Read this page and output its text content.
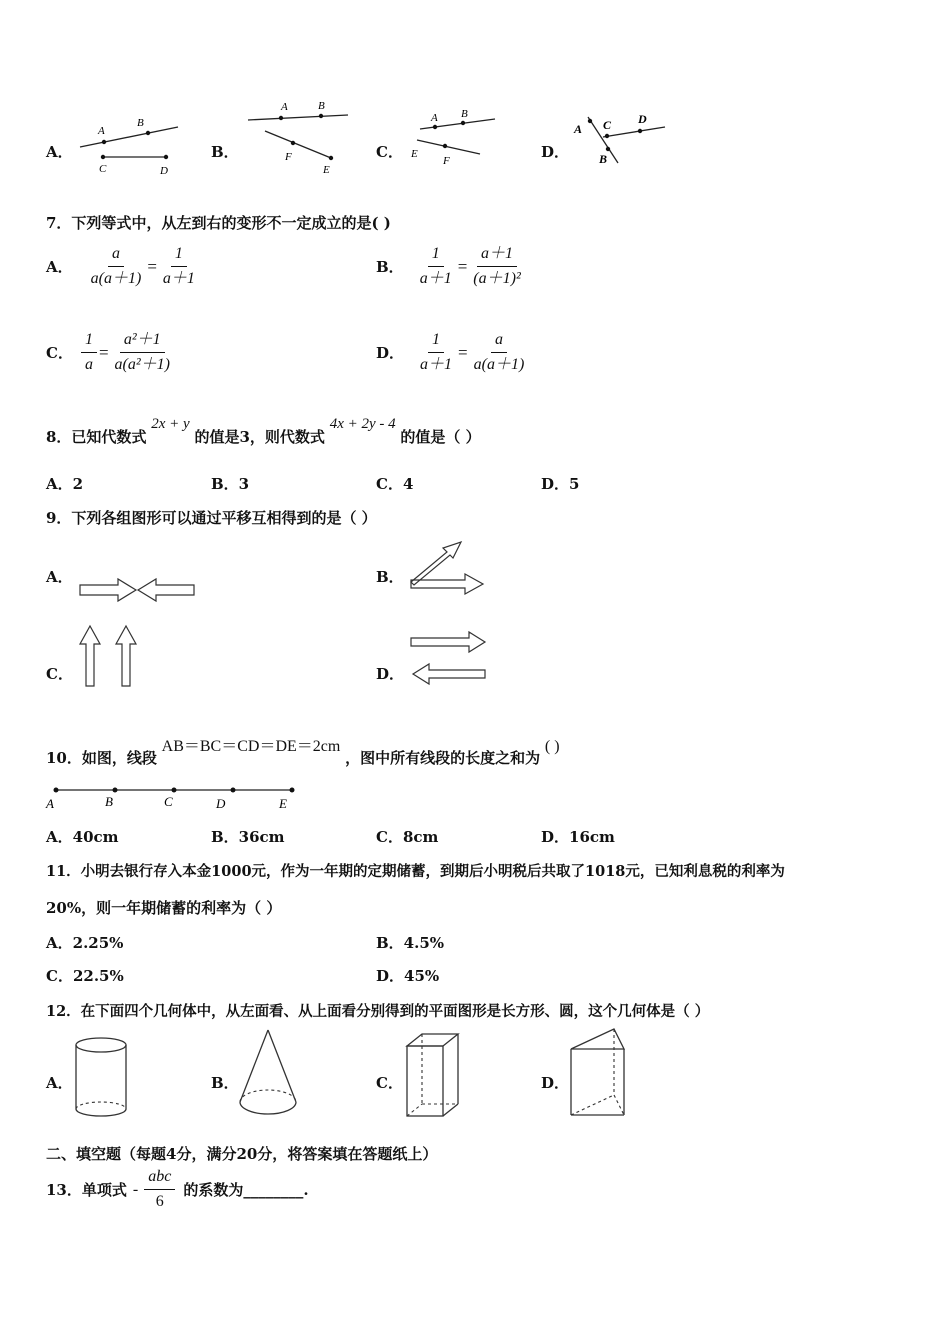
A．
A
B
C	D
B．
A	B
F
E
C．
A B
E
F	D．
A C D
B
7．下列等式中，从左到右的变形不一定成立的是( )
A． $\frac{a}{a(a+1)} = \frac{1}{a+1}$	B． $\frac{1}{a+1} = \frac{a+1}{\text{(a＋1)²}}$
C． $\frac{1}{a} = \frac{\text{a²＋1}}{\text{a(a²＋1)}}$	D． $\frac{1}{a+1} = \frac{a}{a(a+1)}$
8．已知代数式 2x + y 的值是3，则代数式 4x + 2y - 4 的值是（ ）
A．2	B．3	C．4	D．5
9．下列各组图形可以通过平移互相得到的是（ ）
A．	B．
C．	D．
10．如图，线段 AB＝BC＝CD＝DE＝2cm ，图中所有线段的长度之和为 ( )
A	B	C	D	E
A．40cm	B．36cm	C．8cm	D．16cm
11．小明去银行存入本金1000元，作为一年期的定期储蓄，到期后小明税后共取了1018元，已知利息税的利率为
20%，则一年期储蓄的利率为（ ）
A．2.25%	B．4.5%
C．22.5%	D．45%
12．在下面四个几何体中，从左面看、从上面看分别得到的平面图形是长方形、圆，这个几何体是（ ）
A．	B．	C．	D．
二、填空题（每题4分，满分20分，将答案填在答题纸上）
13．单项式 - $\frac{\text{abc}}{6}$ 的系数为________.
